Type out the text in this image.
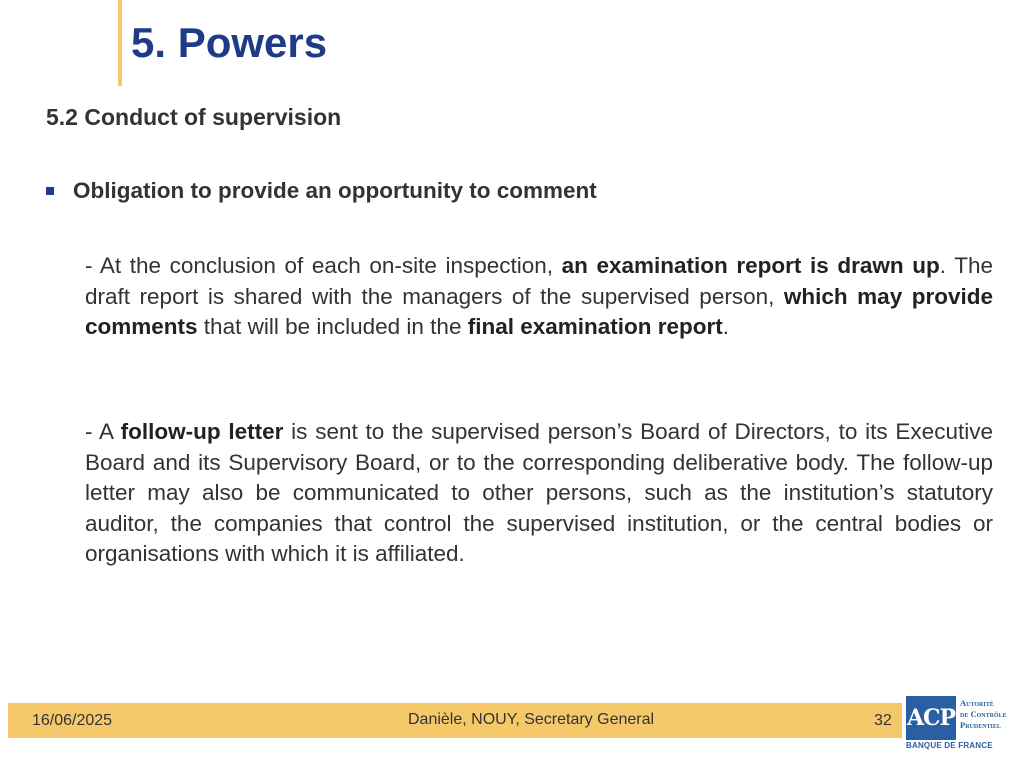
5. Powers
5.2 Conduct of supervision
Obligation to provide an opportunity to comment

- At the conclusion of each on-site inspection, an examination report is drawn up. The draft report is shared with the managers of the supervised person, which may provide comments that will be included in the final examination report.

- A follow-up letter is sent to the supervised person’s Board of Directors, to its Executive Board and its Supervisory Board, or to the corresponding deliberative body. The follow-up letter may also be communicated to other persons, such as the institution’s statutory auditor, the companies that control the supervised institution, or the central bodies or organisations with which it is affiliated.

16/06/2025	Danièle, NOUY, Secretary General	32 ACP
Autorité
de Contrôle
Prudentiel
BANQUE DE FRANCE
